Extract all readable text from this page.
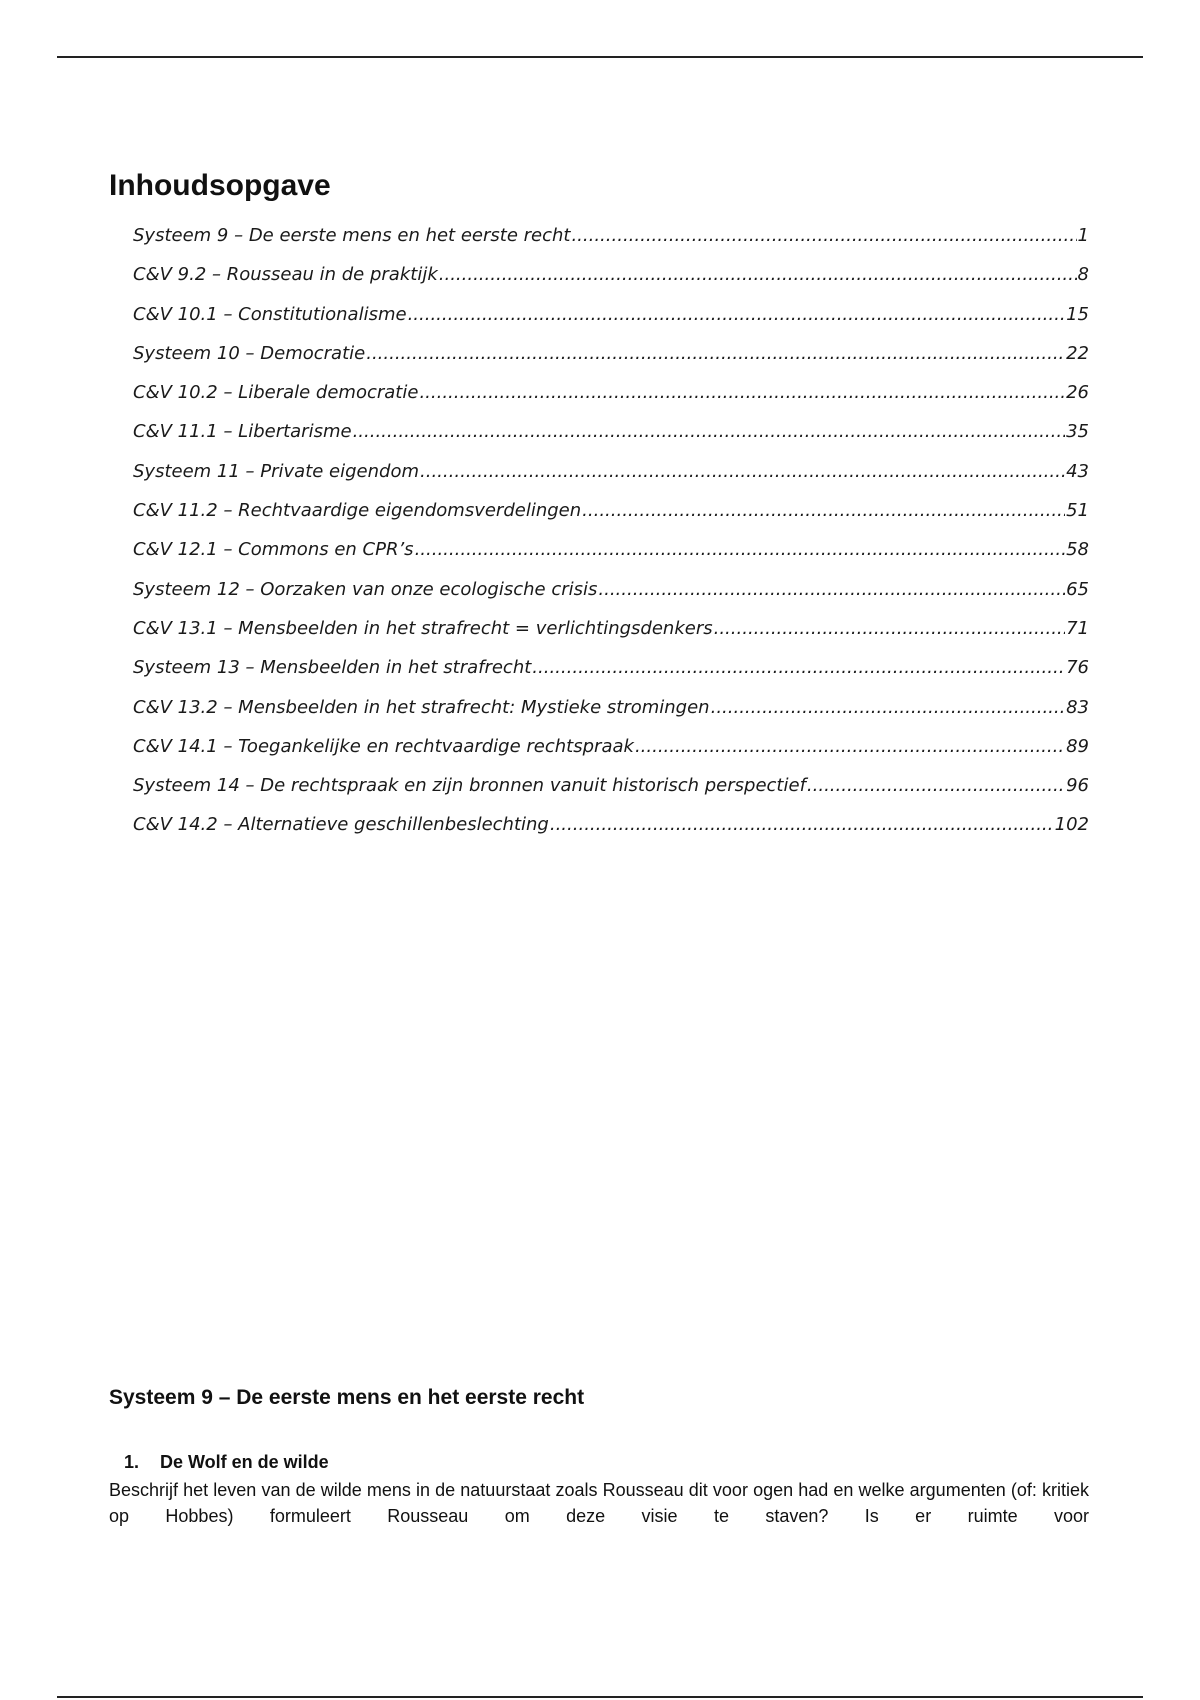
Inhoudsopgave
Systeem 9 – De eerste mens en het eerste recht .....	1
C&V 9.2 – Rousseau in de praktijk .....	8
C&V 10.1 – Constitutionalisme .....	15
Systeem 10 – Democratie .....	22
C&V 10.2 – Liberale democratie .....	26
C&V 11.1 – Libertarisme .....	35
Systeem 11 – Private eigendom .....	43
C&V 11.2 – Rechtvaardige eigendomsverdelingen .....	51
C&V 12.1 – Commons en CPR’s .....	58
Systeem 12 – Oorzaken van onze ecologische crisis .....	65
C&V 13.1 – Mensbeelden in het strafrecht = verlichtingsdenkers .....	71
Systeem 13 – Mensbeelden in het strafrecht .....	76
C&V 13.2 – Mensbeelden in het strafrecht: Mystieke stromingen .....	83
C&V 14.1 – Toegankelijke en rechtvaardige rechtspraak .....	89
Systeem 14 – De rechtspraak en zijn bronnen vanuit historisch perspectief .....	96
C&V 14.2 – Alternatieve geschillenbeslechting .....	102
Systeem 9 – De eerste mens en het eerste recht
1.	De Wolf en de wilde

Beschrijf het leven van de wilde mens in de natuurstaat zoals Rousseau dit voor ogen had en welke argumenten (of: kritiek op Hobbes) formuleert Rousseau om deze visie te staven? Is er ruimte voor
